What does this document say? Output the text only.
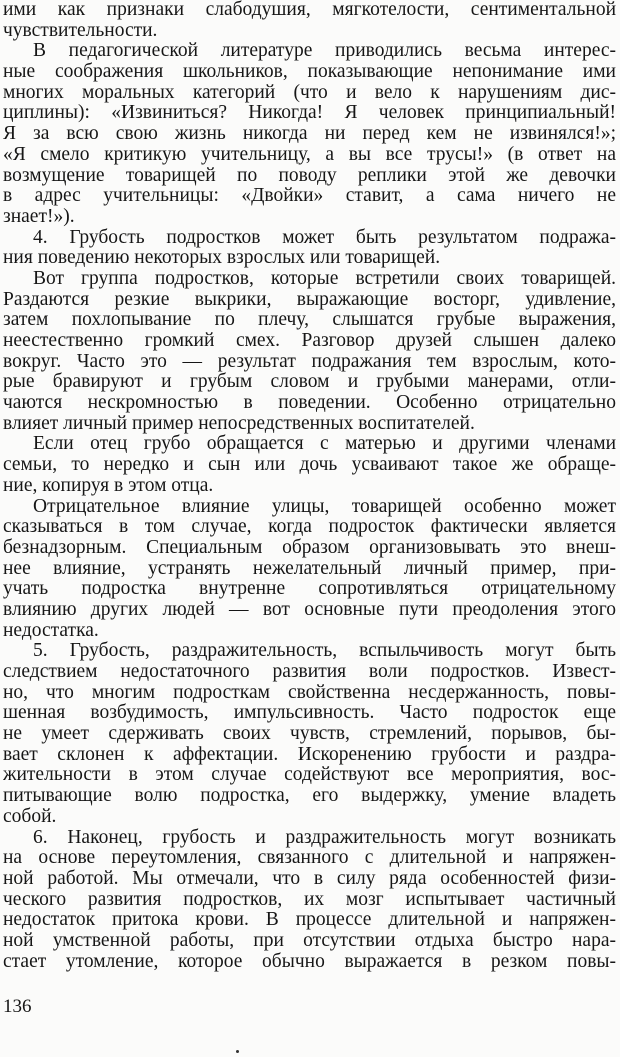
ими как признаки слабодушия, мягкотелости, сентиментальной
чувствительности.
В педагогической литературе приводились весьма интерес-
ные соображения школьников, показывающие непонимание ими
многих моральных категорий (что и вело к нарушениям дис-
циплины): «Извиниться? Никогда! Я человек принципиальный!
Я за всю свою жизнь никогда ни перед кем не извинялся!»;
«Я смело критикую учительницу, а вы все трусы!» (в ответ на
возмущение товарищей по поводу реплики этой же девочки
в адрес учительницы: «Двойки» ставит, а сама ничего не
знает!»).
4. Грубость подростков может быть результатом подража-
ния поведению некоторых взрослых или товарищей.
Вот группа подростков, которые встретили своих товарищей.
Раздаются резкие выкрики, выражающие восторг, удивление,
затем похлопывание по плечу, слышатся грубые выражения,
неестественно громкий смех. Разговор друзей слышен далеко
вокруг. Часто это — результат подражания тем взрослым, кото-
рые бравируют и грубым словом и грубыми манерами, отли-
чаются нескромностью в поведении. Особенно отрицательно
влияет личный пример непосредственных воспитателей.
Если отец грубо обращается с матерью и другими членами
семьи, то нередко и сын или дочь усваивают такое же обраще-
ние, копируя в этом отца.
Отрицательное влияние улицы, товарищей особенно может
сказываться в том случае, когда подросток фактически является
безнадзорным. Специальным образом организовывать это внеш-
нее влияние, устранять нежелательный личный пример, при-
учать подростка внутренне сопротивляться отрицательному
влиянию других людей — вот основные пути преодоления этого
недостатка.
5. Грубость, раздражительность, вспыльчивость могут быть
следствием недостаточного развития воли подростков. Извест-
но, что многим подросткам свойственна несдержанность, повы-
шенная возбудимость, импульсивность. Часто подросток еще
не умеет сдерживать своих чувств, стремлений, порывов, бы-
вает склонен к аффектации. Искоренению грубости и раздра-
жительности в этом случае содействуют все мероприятия, вос-
питывающие волю подростка, его выдержку, умение владеть
собой.
6. Наконец, грубость и раздражительность могут возникать
на основе переутомления, связанного с длительной и напряжен-
ной работой. Мы отмечали, что в силу ряда особенностей физи-
ческого развития подростков, их мозг испытывает частичный
недостаток притока крови. В процессе длительной и напряжен-
ной умственной работы, при отсутствии отдыха быстро нара-
стает утомление, которое обычно выражается в резком повы-
136
